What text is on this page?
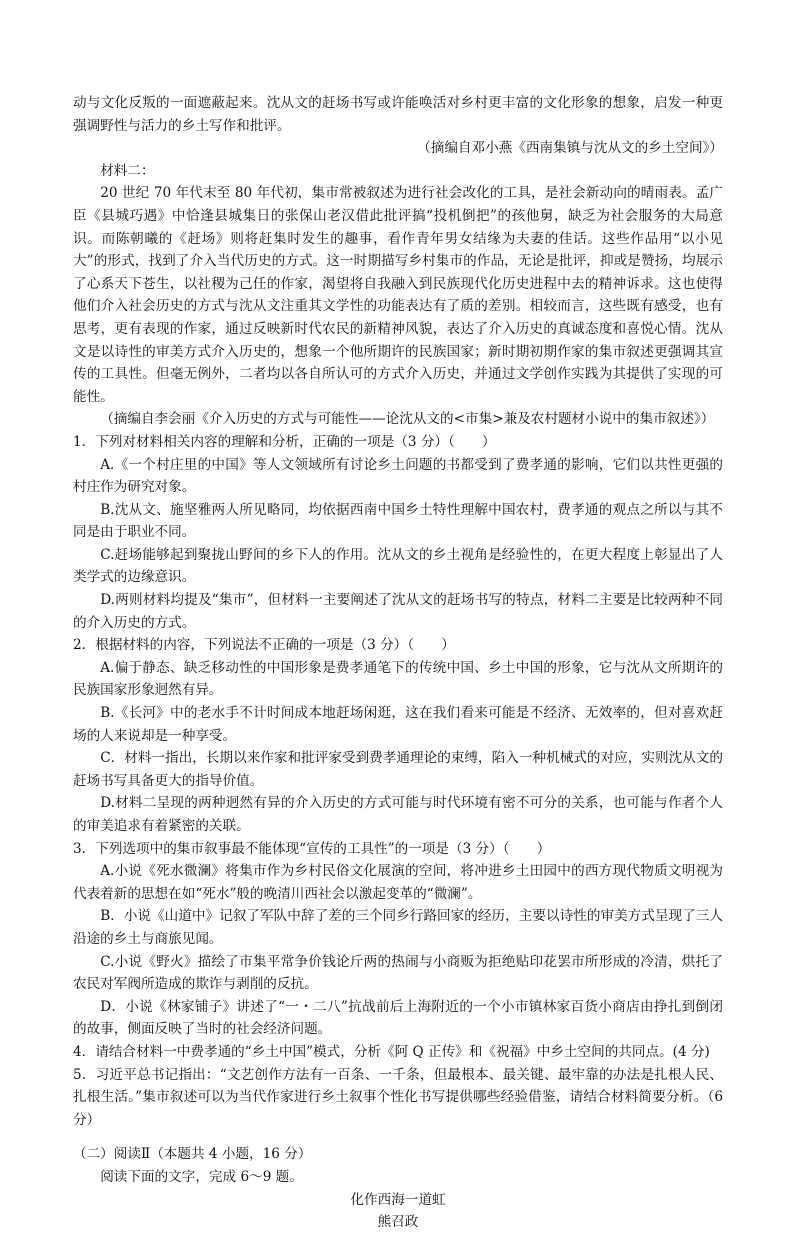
动与文化反叛的一面遮蔽起来。沈从文的赶场书写或许能唤活对乡村更丰富的文化形象的想象，启发一种更强调野性与活力的乡土写作和批评。

（摘编自邓小燕《西南集镇与沈从文的乡土空间》）

材料二：

20 世纪 70 年代末至 80 年代初，集市常被叙述为进行社会改化的工具，是社会新动向的晴雨表。孟广臣《县城巧遇》中恰逢县城集日的张保山老汉借此批评搞“投机倒把”的孩他舅，缺乏为社会服务的大局意识。而陈朝曦的《赶场》则将赶集时发生的趣事，看作青年男女结缘为夫妻的佳话。这些作品用“以小见大”的形式，找到了介入当代历史的方式。这一时期描写乡村集市的作品，无论是批评，抑或是赞扬，均展示了心系天下苍生，以社稷为己任的作家，渴望将自我融入到民族现代化历史进程中去的精神诉求。这也使得他们介入社会历史的方式与沈从文注重其文学性的功能表达有了质的差别。相较而言，这些既有感受，也有思考，更有表现的作家，通过反映新时代农民的新精神风貌，表达了介入历史的真诚态度和喜悦心情。沈从文是以诗性的审美方式介入历史的，想象一个他所期许的民族国家；新时期初期作家的集市叙述更强调其宣传的工具性。但毫无例外，二者均以各自所认可的方式介入历史，并通过文学创作实践为其提供了实现的可能性。

（摘编自李会丽《介入历史的方式与可能性——论沈从文的<市集>兼及农村题材小说中的集市叙述》）

1．下列对材料相关内容的理解和分析，正确的一项是（3 分）（　　）

A.《一个村庄里的中国》等人文领域所有讨论乡土问题的书都受到了费孝通的影响，它们以共性更强的村庄作为研究对象。

B.沈从文、施坚雅两人所见略同，均依据西南中国乡土特性理解中国农村，费孝通的观点之所以与其不同是由于职业不同。

C.赶场能够起到聚拢山野间的乡下人的作用。沈从文的乡土视角是经验性的，在更大程度上彰显出了人类学式的边缘意识。

D.两则材料均提及“集市”，但材料一主要阐述了沈从文的赶场书写的特点，材料二主要是比较两种不同的介入历史的方式。

2．根据材料的内容，下列说法不正确的一项是（3 分）（　　）

A.偏于静态、缺乏移动性的中国形象是费孝通笔下的传统中国、乡土中国的形象，它与沈从文所期许的民族国家形象迥然有异。

B.《长河》中的老水手不计时间成本地赶场闲逛，这在我们看来可能是不经济、无效率的，但对喜欢赶场的人来说却是一种享受。

C．材料一指出，长期以来作家和批评家受到费孝通理论的束缚，陷入一种机械式的对应，实则沈从文的赶场书写具备更大的指导价值。

D.材料二呈现的两种迥然有异的介入历史的方式可能与时代环境有密不可分的关系，也可能与作者个人的审美追求有着紧密的关联。

3．下列选项中的集市叙事最不能体现“宣传的工具性”的一项是（3 分）（　　）

A.小说《死水微澜》将集市作为乡村民俗文化展演的空间，将冲进乡土田园中的西方现代物质文明视为代表着新的思想在如“死水”般的晚清川西社会以激起变革的“微澜”。

B．小说《山道中》记叙了军队中辞了差的三个同乡行路回家的经历，主要以诗性的审美方式呈现了三人沿途的乡土与商旅见闻。

C.小说《野火》描绘了市集平常争价钱论斤两的热闹与小商贩为拒绝贴印花罢市所形成的冷清，烘托了农民对军阀所造成的欺诈与剥削的反抗。

D．小说《林家铺子》讲述了“一・二八”抗战前后上海附近的一个小市镇林家百货小商店由挣扎到倒闭的故事，侧面反映了当时的社会经济问题。

4．请结合材料一中费孝通的“乡土中国”模式，分析《阿 Q 正传》和《祝福》中乡土空间的共同点。(4 分)

5．习近平总书记指出：“文艺创作方法有一百条、一千条，但最根本、最关键、最牢靠的办法是扎根人民、扎根生活。”集市叙述可以为当代作家进行乡土叙事个性化书写提供哪些经验借鉴，请结合材料简要分析。（6 分）

（二）阅读Ⅱ（本题共 4 小题，16 分）

阅读下面的文字，完成 6～9 题。

化作西海一道虹

熊召政
